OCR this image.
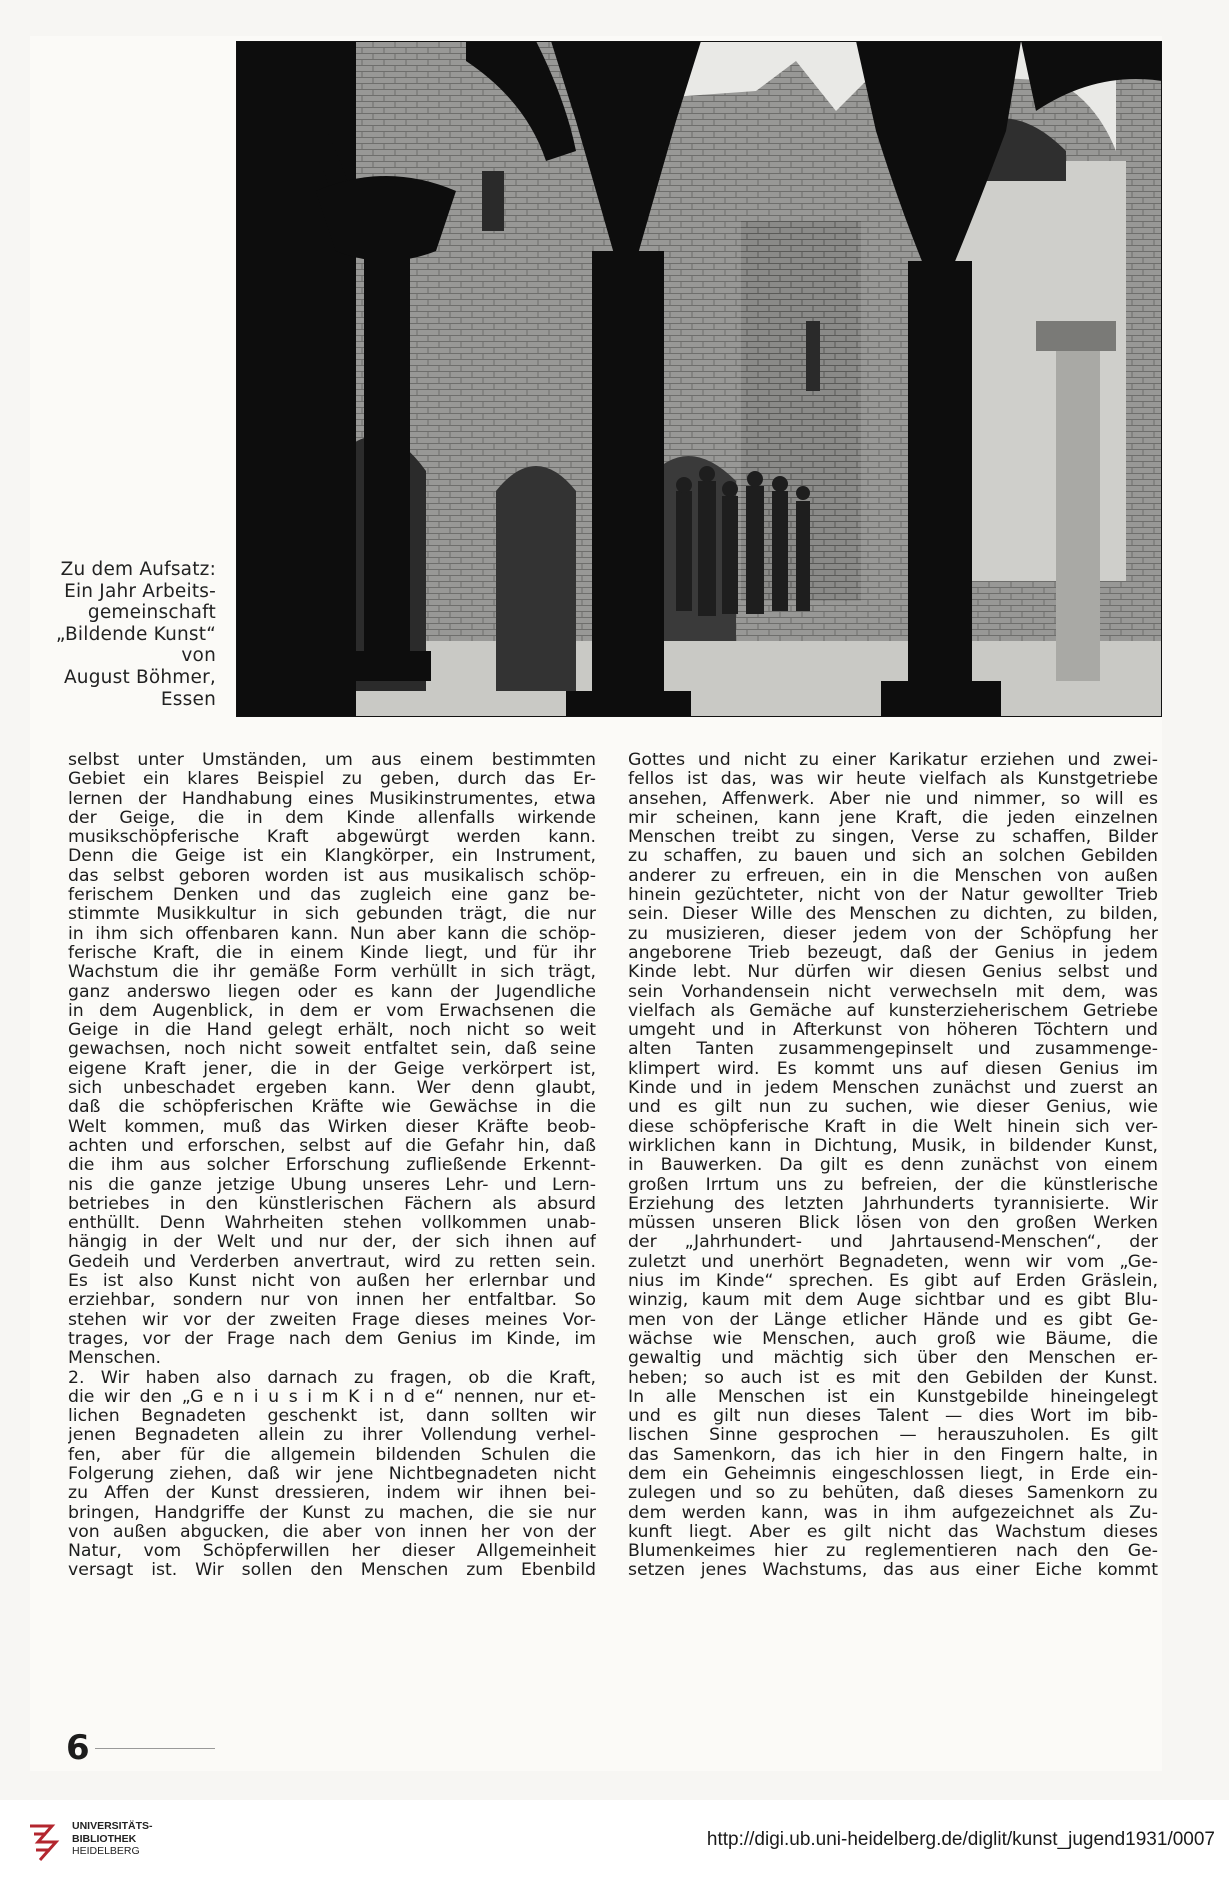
Zu dem Aufsatz:
Ein Jahr Arbeits-
gemeinschaft
„Bildende Kunst“
von
August Böhmer,
Essen
selbst unter Umständen, um aus einem bestimmten
Gebiet ein klares Beispiel zu geben, durch das Er-
lernen der Handhabung eines Musikinstrumentes, etwa
der Geige, die in dem Kinde allenfalls wirkende
musikschöpferische Kraft abgewürgt werden kann.
Denn die Geige ist ein Klangkörper, ein Instrument,
das selbst geboren worden ist aus musikalisch schöp-
ferischem Denken und das zugleich eine ganz be-
stimmte Musikkultur in sich gebunden trägt, die nur
in ihm sich offenbaren kann. Nun aber kann die schöp-
ferische Kraft, die in einem Kinde liegt, und für ihr
Wachstum die ihr gemäße Form verhüllt in sich trägt,
ganz anderswo liegen oder es kann der Jugendliche
in dem Augenblick, in dem er vom Erwachsenen die
Geige in die Hand gelegt erhält, noch nicht so weit
gewachsen, noch nicht soweit entfaltet sein, daß seine
eigene Kraft jener, die in der Geige verkörpert ist,
sich unbeschadet ergeben kann. Wer denn glaubt,
daß die schöpferischen Kräfte wie Gewächse in die
Welt kommen, muß das Wirken dieser Kräfte beob-
achten und erforschen, selbst auf die Gefahr hin, daß
die ihm aus solcher Erforschung zufließende Erkennt-
nis die ganze jetzige Übung unseres Lehr- und Lern-
betriebes in den künstlerischen Fächern als absurd
enthüllt. Denn Wahrheiten stehen vollkommen unab-
hängig in der Welt und nur der, der sich ihnen auf
Gedeih und Verderben anvertraut, wird zu retten sein.
Es ist also Kunst nicht von außen her erlernbar und
erziehbar, sondern nur von innen her entfaltbar. So
stehen wir vor der zweiten Frage dieses meines Vor-
trages, vor der Frage nach dem Genius im Kinde, im
Menschen.
2. Wir haben also darnach zu fragen, ob die Kraft,
die wir den „G e n i u s i m K i n d e“ nennen, nur et-
lichen Begnadeten geschenkt ist, dann sollten wir
jenen Begnadeten allein zu ihrer Vollendung verhel-
fen, aber für die allgemein bildenden Schulen die
Folgerung ziehen, daß wir jene Nichtbegnadeten nicht
zu Affen der Kunst dressieren, indem wir ihnen bei-
bringen, Handgriffe der Kunst zu machen, die sie nur
von außen abgucken, die aber von innen her von der
Natur, vom Schöpferwillen her dieser Allgemeinheit
versagt ist. Wir sollen den Menschen zum Ebenbild
Gottes und nicht zu einer Karikatur erziehen und zwei-
fellos ist das, was wir heute vielfach als Kunstgetriebe
ansehen, Affenwerk. Aber nie und nimmer, so will es
mir scheinen, kann jene Kraft, die jeden einzelnen
Menschen treibt zu singen, Verse zu schaffen, Bilder
zu schaffen, zu bauen und sich an solchen Gebilden
anderer zu erfreuen, ein in die Menschen von außen
hinein gezüchteter, nicht von der Natur gewollter Trieb
sein. Dieser Wille des Menschen zu dichten, zu bilden,
zu musizieren, dieser jedem von der Schöpfung her
angeborene Trieb bezeugt, daß der Genius in jedem
Kinde lebt. Nur dürfen wir diesen Genius selbst und
sein Vorhandensein nicht verwechseln mit dem, was
vielfach als Gemäche auf kunsterzieherischem Getriebe
umgeht und in Afterkunst von höheren Töchtern und
alten Tanten zusammengepinselt und zusammenge-
klimpert wird. Es kommt uns auf diesen Genius im
Kinde und in jedem Menschen zunächst und zuerst an
und es gilt nun zu suchen, wie dieser Genius, wie
diese schöpferische Kraft in die Welt hinein sich ver-
wirklichen kann in Dichtung, Musik, in bildender Kunst,
in Bauwerken. Da gilt es denn zunächst von einem
großen Irrtum uns zu befreien, der die künstlerische
Erziehung des letzten Jahrhunderts tyrannisierte. Wir
müssen unseren Blick lösen von den großen Werken
der „Jahrhundert- und Jahrtausend-Menschen“, der
zuletzt und unerhört Begnadeten, wenn wir vom „Ge-
nius im Kinde“ sprechen. Es gibt auf Erden Gräslein,
winzig, kaum mit dem Auge sichtbar und es gibt Blu-
men von der Länge etlicher Hände und es gibt Ge-
wächse wie Menschen, auch groß wie Bäume, die
gewaltig und mächtig sich über den Menschen er-
heben; so auch ist es mit den Gebilden der Kunst.
In alle Menschen ist ein Kunstgebilde hineingelegt
und es gilt nun dieses Talent — dies Wort im bib-
lischen Sinne gesprochen — herauszuholen. Es gilt
das Samenkorn, das ich hier in den Fingern halte, in
dem ein Geheimnis eingeschlossen liegt, in Erde ein-
zulegen und so zu behüten, daß dieses Samenkorn zu
dem werden kann, was in ihm aufgezeichnet als Zu-
kunft liegt. Aber es gilt nicht das Wachstum dieses
Blumenkeimes hier zu reglementieren nach den Ge-
setzen jenes Wachstums, das aus einer Eiche kommt
6
UNIVERSITÄTS-
BIBLIOTHEK
HEIDELBERG
http://digi.ub.uni-heidelberg.de/diglit/kunst_jugend1931/0007
